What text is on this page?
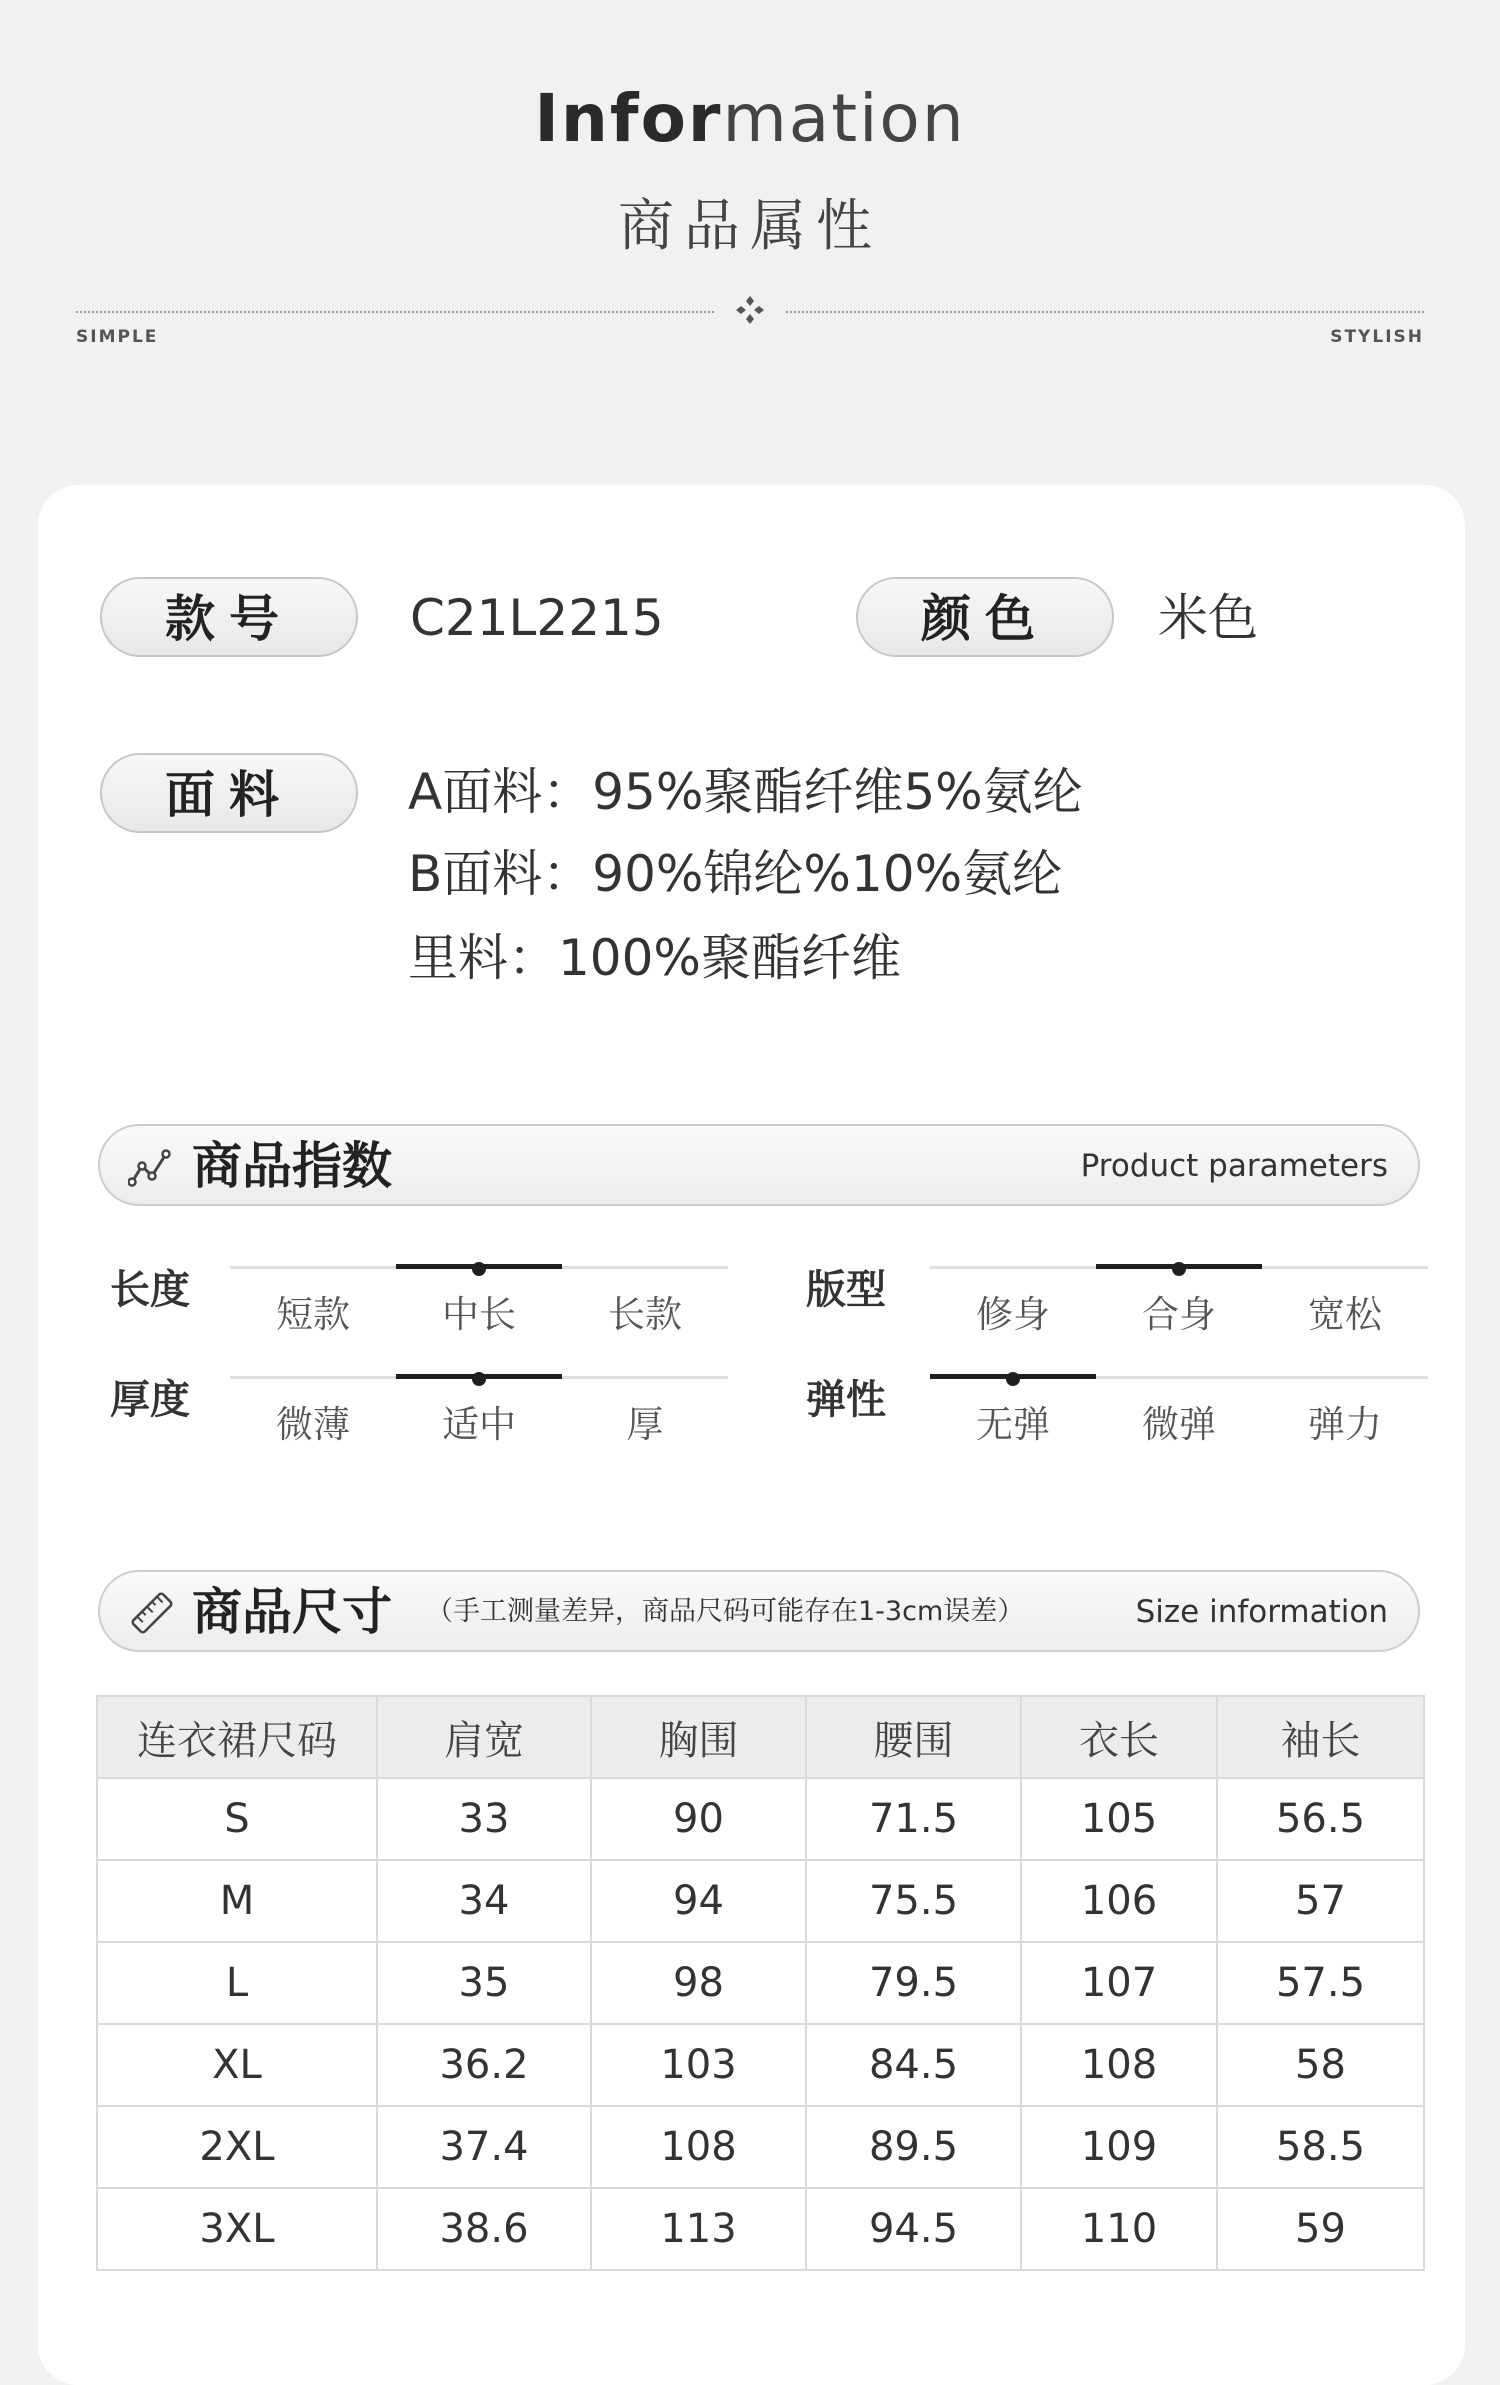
Information
商品属性
SIMPLE	STYLISH
款号	C21L2215	颜色	米色
面料	A面料：95%聚酯纤维5%氨纶
B面料：90%锦纶%10%氨纶
里料：100%聚酯纤维
商品指数	Product parameters
长度
短款	中长	长款
版型
修身	合身	宽松
厚度
微薄	适中	厚
弹性
无弹	微弹	弹力
商品尺寸 （手工测量差异，商品尺码可能存在1-3cm误差）	Size information
连衣裙尺码	肩宽	胸围	腰围	衣长	袖长
S	33	90	71.5	105	56.5
M	34	94	75.5	106	57
L	35	98	79.5	107	57.5
XL	36.2	103	84.5	108	58
2XL	37.4	108	89.5	109	58.5
3XL	38.6	113	94.5	110	59
